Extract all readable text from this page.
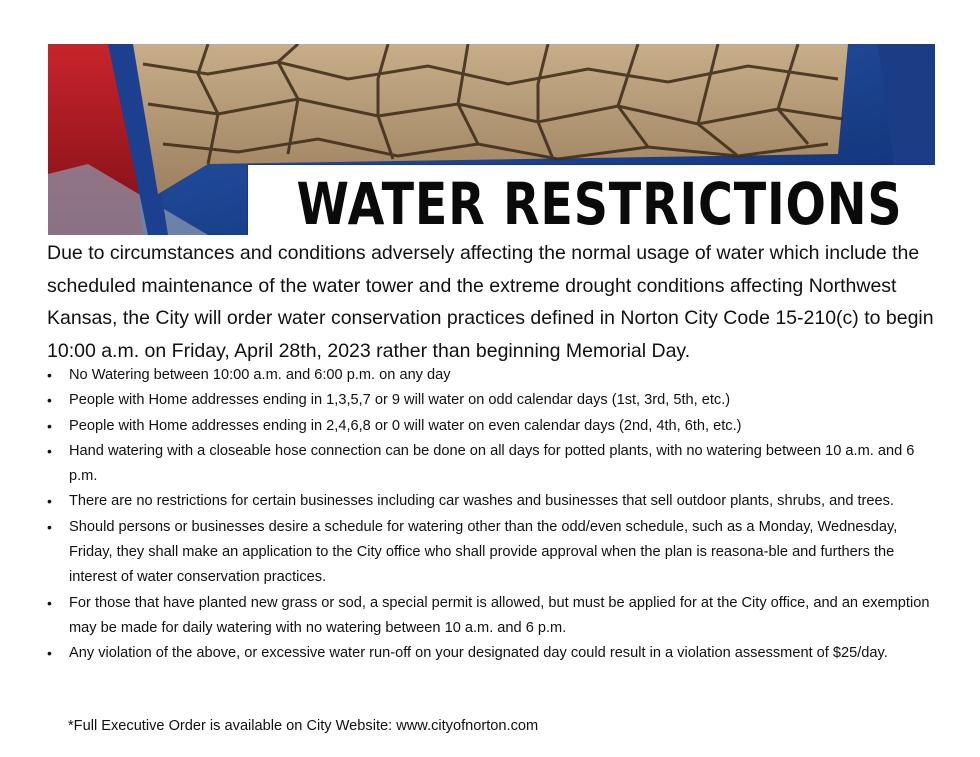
WATER RESTRICTIONS

Due to circumstances and conditions adversely affecting the normal usage of water which include the scheduled maintenance of the water tower and the extreme drought conditions affecting Northwest Kansas, the City will order water conservation practices defined in Norton City Code 15-210(c) to begin 10:00 a.m. on Friday, April 28th, 2023 rather than beginning Memorial Day.

• No Watering between 10:00 a.m. and 6:00 p.m. on any day
• People with Home addresses ending in 1,3,5,7 or 9 will water on odd calendar days (1st, 3rd, 5th, etc.)
• People with Home addresses ending in 2,4,6,8 or 0 will water on even calendar days (2nd, 4th, 6th, etc.)
• Hand watering with a closeable hose connection can be done on all days for potted plants, with no watering between 10 a.m. and 6 p.m.
• There are no restrictions for certain businesses including car washes and businesses that sell outdoor plants, shrubs, and trees.
• Should persons or businesses desire a schedule for watering other than the odd/even schedule, such as a Monday, Wednesday, Friday, they shall make an application to the City office who shall provide approval when the plan is reasona-ble and furthers the interest of water conservation practices.
• For those that have planted new grass or sod, a special permit is allowed, but must be applied for at the City office, and an exemption may be made for daily watering with no watering between 10 a.m. and 6 p.m.
• Any violation of the above, or excessive water run-off on your designated day could result in a violation assessment of $25/day.
*Full Executive Order is available on City Website: www.cityofnorton.com
